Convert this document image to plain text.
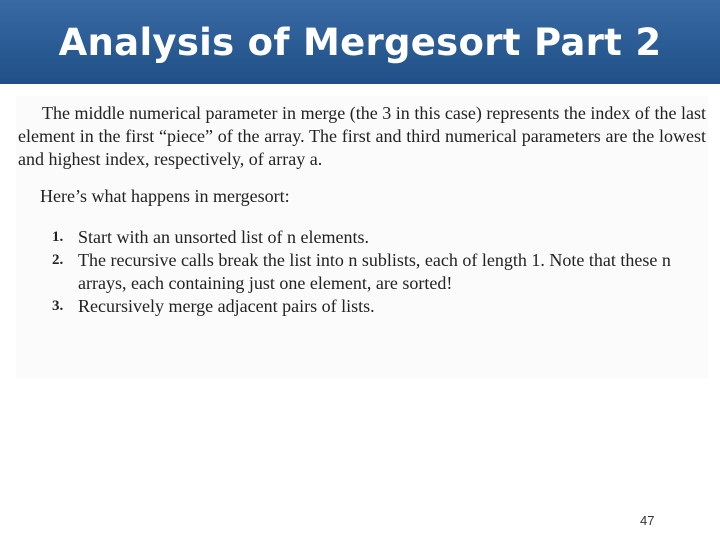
Analysis of Mergesort Part 2
The middle numerical parameter in merge (the 3 in this case) represents the index of the last element in the first “piece” of the array. The first and third numerical parameters are the lowest and highest index, respectively, of array a.
Here’s what happens in mergesort:
1. Start with an unsorted list of n elements.
2. The recursive calls break the list into n sublists, each of length 1. Note that these n arrays, each containing just one element, are sorted!
3. Recursively merge adjacent pairs of lists.
47
